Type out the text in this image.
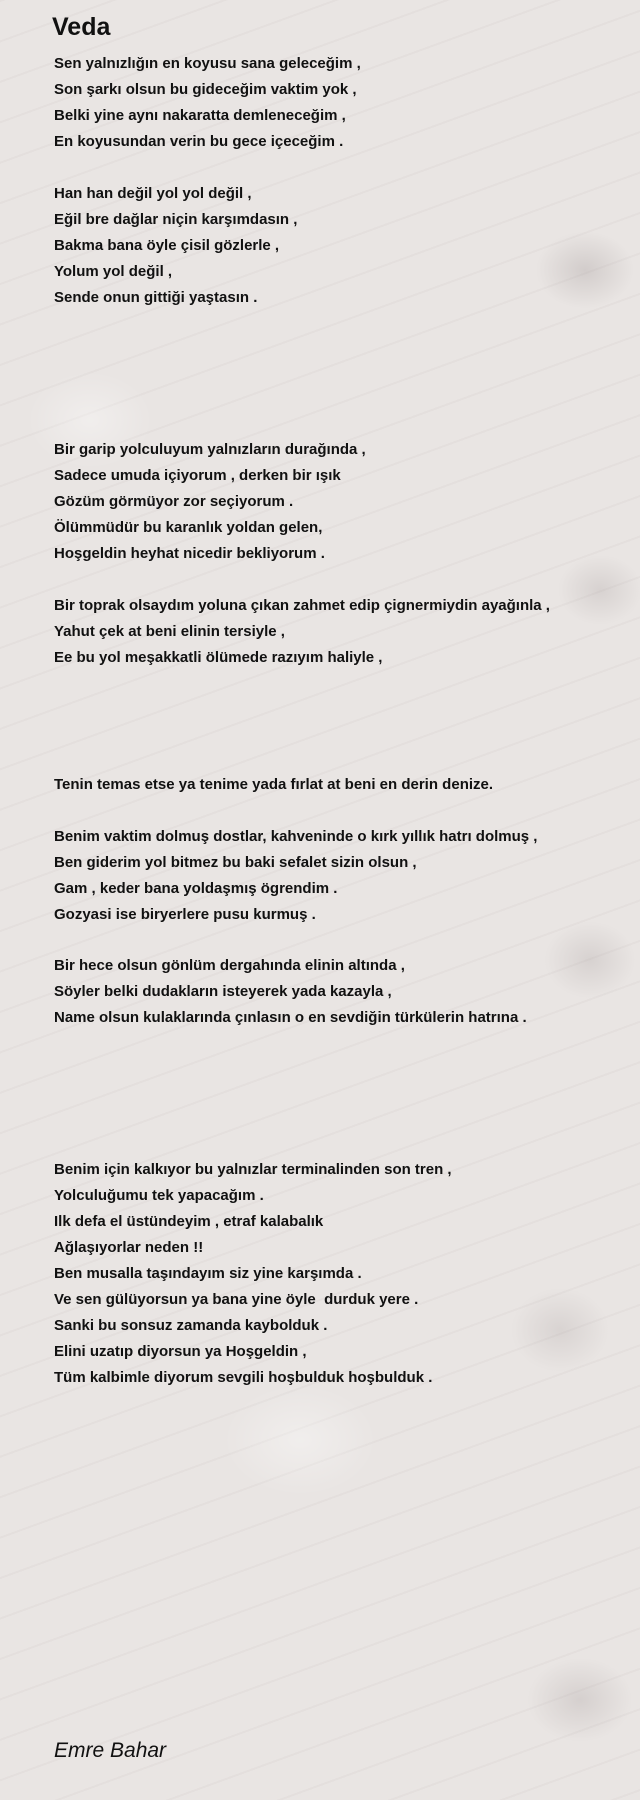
Veda
Sen yalnızlığın en koyusu sana geleceğim ,
Son şarkı olsun bu gideceğim vaktim yok ,
Belki yine aynı nakaratta demleneceğim ,
En koyusundan verin bu gece içeceğim .
Han han değil yol yol değil ,
Eğil bre dağlar niçin karşımdasın ,
Bakma bana öyle çisil gözlerle ,
Yolum yol değil ,
Sende onun gittiği yaştasın .
Bir garip yolculuyum yalnızların durağında ,
Sadece umuda içiyorum , derken bir ışık
Gözüm görmüyor zor seçiyorum .
Ölümmüdür bu karanlık yoldan gelen,
Hoşgeldin heyhat nicedir bekliyorum .
Bir toprak olsaydım yoluna çıkan zahmet edip çignermiydin ayağınla ,
Yahut çek at beni elinin tersiyle ,
Ee bu yol meşakkatli ölümede razıyım haliyle ,
Tenin temas etse ya tenime yada fırlat at beni en derin denize.
Benim vaktim dolmuş dostlar, kahveninde o kırk yıllık hatrı dolmuş ,
Ben giderim yol bitmez bu baki sefalet sizin olsun ,
Gam , keder bana yoldaşmış ögrendim .
Gozyasi ise biryerlere pusu kurmuş .
Bir hece olsun gönlüm dergahında elinin altında ,
Söyler belki dudakların isteyerek yada kazayla ,
Name olsun kulaklarında çınlasın o en sevdiğin türkülerin hatrına .
Benim için kalkıyor bu yalnızlar terminalinden son tren ,
Yolculuğumu tek yapacağım .
Ilk defa el üstündeyim , etraf kalabalık
Ağlaşıyorlar neden !!
Ben musalla taşındayım siz yine karşımda .
Ve sen gülüyorsun ya bana yine öyle  durduk yere .
Sanki bu sonsuz zamanda kaybolduk .
Elini uzatıp diyorsun ya Hoşgeldin ,
Tüm kalbimle diyorum sevgili hoşbulduk hoşbulduk .

Emre Bahar
